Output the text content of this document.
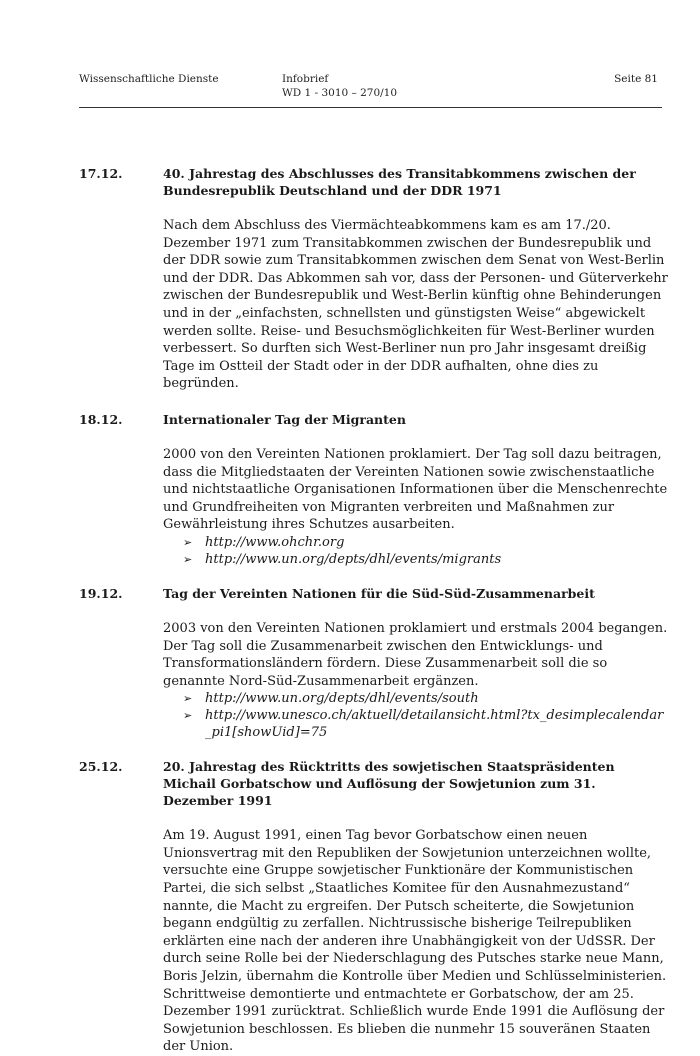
Wissenschaftliche Dienste	Infobrief
WD 1 - 3010 – 270/10
Seite 81
17.12.	40. Jahrestag des Abschlusses des Transitabkommens zwischen der Bundesrepublik Deutschland und der DDR 1971

Nach dem Abschluss des Viermächteabkommens kam es am 17./20. Dezember 1971 zum Transitabkommen zwischen der Bundesrepublik und der DDR sowie zum Transitabkommen zwischen dem Senat von West-Berlin und der DDR. Das Abkommen sah vor, dass der Personen- und Güterverkehr zwischen der Bundesrepublik und West-Berlin künftig ohne Behinderungen und in der „einfachsten, schnellsten und günstigsten Weise“ abgewickelt werden sollte. Reise- und Besuchsmöglichkeiten für West-Berliner wurden verbessert. So durften sich West-Berliner nun pro Jahr insgesamt dreißig Tage im Ostteil der Stadt oder in der DDR aufhalten, ohne dies zu begründen.

18.12.	Internationaler Tag der Migranten

2000 von den Vereinten Nationen proklamiert. Der Tag soll dazu beitragen, dass die Mitgliedstaaten der Vereinten Nationen sowie zwischenstaatliche und nichtstaatliche Organisationen Informationen über die Menschenrechte und Grundfreiheiten von Migranten verbreiten und Maßnahmen zur Gewährleistung ihres Schutzes ausarbeiten.

➢ http://www.ohchr.org
➢ http://www.un.org/depts/dhl/events/migrants
19.12.	Tag der Vereinten Nationen für die Süd-Süd-Zusammenarbeit

2003 von den Vereinten Nationen proklamiert und erstmals 2004 begangen. Der Tag soll die Zusammenarbeit zwischen den Entwicklungs- und Transformationsländern fördern. Diese Zusammenarbeit soll die so genannte Nord-Süd-Zusammenarbeit ergänzen.

➢ http://www.un.org/depts/dhl/events/south
➢ http://www.unesco.ch/aktuell/detailansicht.html?tx_desimplecalendar_pi1[showUid]=75
25.12.	20. Jahrestag des Rücktritts des sowjetischen Staatspräsidenten Michail Gorbatschow und Auflösung der Sowjetunion zum 31. Dezember 1991

Am 19. August 1991, einen Tag bevor Gorbatschow einen neuen Unionsvertrag mit den Republiken der Sowjetunion unterzeichnen wollte, versuchte eine Gruppe sowjetischer Funktionäre der Kommunistischen Partei, die sich selbst „Staatliches Komitee für den Ausnahmezustand“ nannte, die Macht zu ergreifen. Der Putsch scheiterte, die Sowjetunion begann endgültig zu zerfallen. Nichtrussische bisherige Teilrepubliken erklärten eine nach der anderen ihre Unabhängigkeit von der UdSSR. Der durch seine Rolle bei der Niederschlagung des Putsches starke neue Mann, Boris Jelzin, übernahm die Kontrolle über Medien und Schlüsselministerien. Schrittweise demontierte und entmachtete er Gorbatschow, der am 25. Dezember 1991 zurücktrat. Schließlich wurde Ende 1991 die Auflösung der Sowjetunion beschlossen. Es blieben die nunmehr 15 souveränen Staaten der Union.
